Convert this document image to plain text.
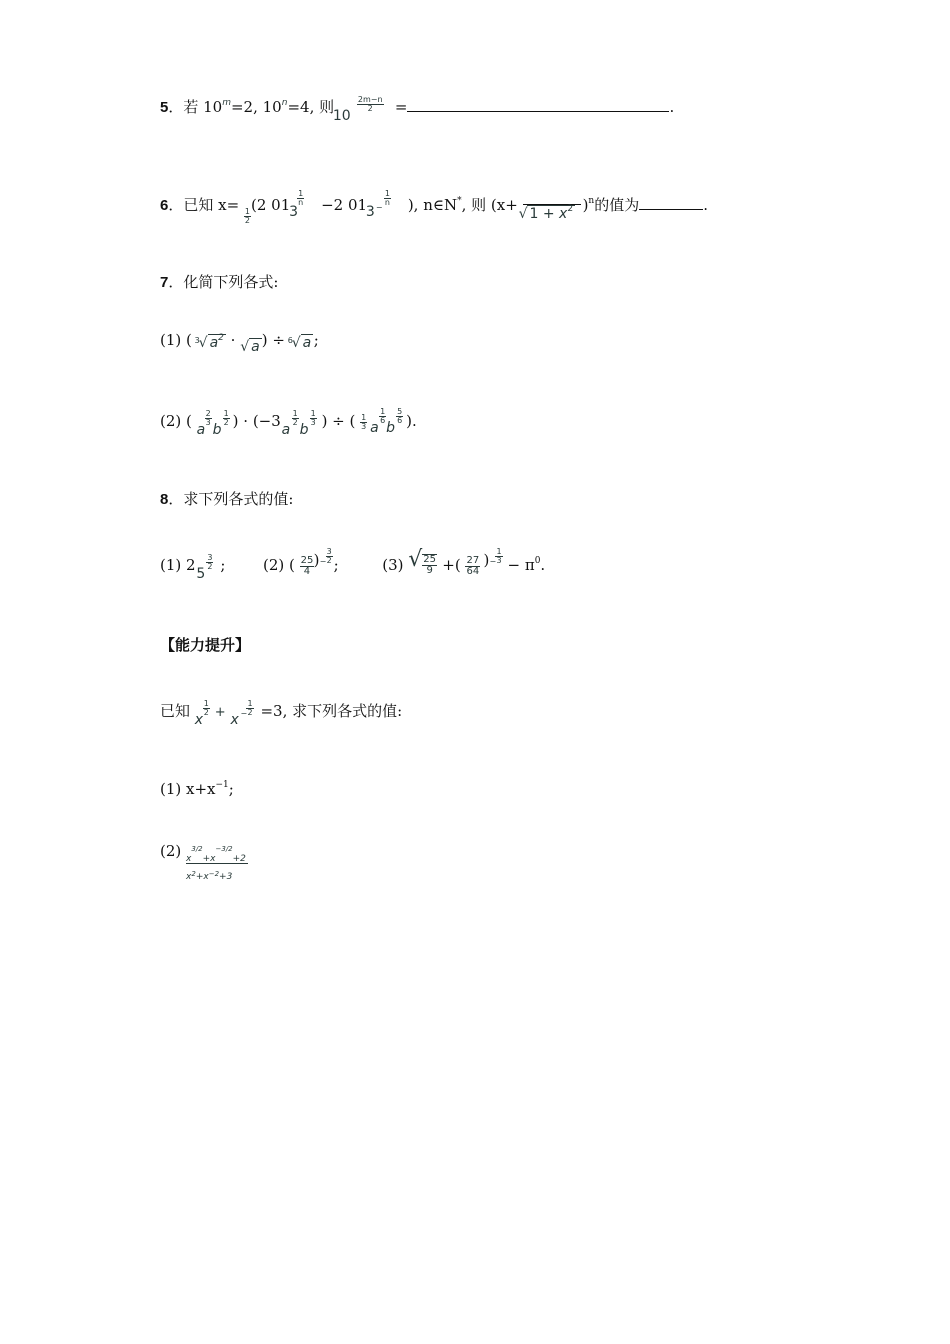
5．若 $10^m=2$, $10^n=4$, 则
10
$\frac{2m-n}{2}$ =	.
6．已知 x=
$\frac{1}{2}$
(2 01
3
$\frac{1}{n} -2$ 01
3 −
$\frac{1}{n}$ ), n∈N*, 则 (x+ √ $1 + x^2$ )$^n$的值为	.
7．化简下列各式:
(1) ( 3
√ $a^2$ · √ a ) ÷ 6
√ a ;
(2) ( a
$\frac{2}{3}$
b
$\frac{1}{2}$ ) · (−3 a
$\frac{1}{2}$
b
$\frac{1}{3}$ ) ÷ ( $\frac{1}{3}$ a
$\frac{1}{6}$
b
$\frac{5}{6}$ ).
8．求下列各式的值:
(1) 2 5
$\frac{3}{2}$ ;	(2) ( $\frac{25}{4}$ ) − $\frac{3}{2}$ ;	(3) √ $\frac{25}{9}$ +( $\frac{27}{64}$ ) − $\frac{1}{3} - \pi^0$.
【能力提升】
已知 x
$\frac{1}{2} + x - \frac{1}{2} =3$, 求下列各式的值:
(1) $x+x^{-1}$;
$(2) \frac{x^{3/2}+x^{-3/2}+2}{x^2+x^{-2}+3}$
